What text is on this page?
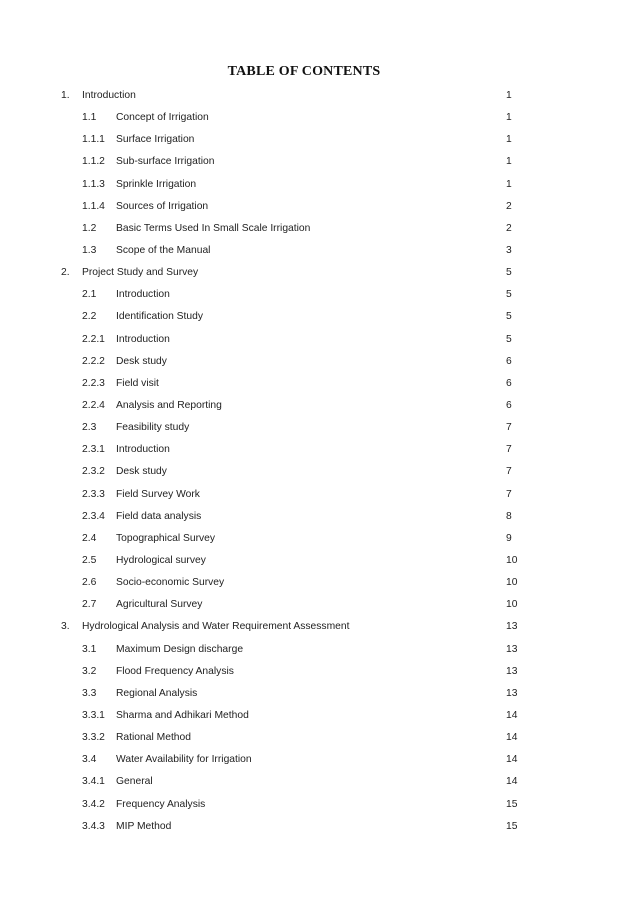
TABLE OF CONTENTS
1. Introduction	1
1.1 Concept of Irrigation	1
1.1.1 Surface Irrigation	1
1.1.2 Sub-surface Irrigation	1
1.1.3 Sprinkle Irrigation	1
1.1.4 Sources of Irrigation	2
1.2 Basic Terms Used In Small Scale Irrigation	2
1.3 Scope of the Manual	3
2. Project Study and Survey	5
2.1 Introduction	5
2.2 Identification Study	5
2.2.1 Introduction	5
2.2.2 Desk study	6
2.2.3 Field visit	6
2.2.4 Analysis and Reporting	6
2.3 Feasibility study	7
2.3.1 Introduction	7
2.3.2 Desk study	7
2.3.3 Field Survey Work	7
2.3.4 Field data analysis	8
2.4 Topographical Survey	9
2.5 Hydrological survey	10
2.6 Socio-economic Survey	10
2.7 Agricultural Survey	10
3. Hydrological Analysis and Water Requirement Assessment	13
3.1 Maximum Design discharge	13
3.2 Flood Frequency Analysis	13
3.3 Regional Analysis	13
3.3.1 Sharma and Adhikari Method	14
3.3.2 Rational Method	14
3.4 Water Availability for Irrigation	14
3.4.1 General	14
3.4.2 Frequency Analysis	15
3.4.3 MIP Method	15
